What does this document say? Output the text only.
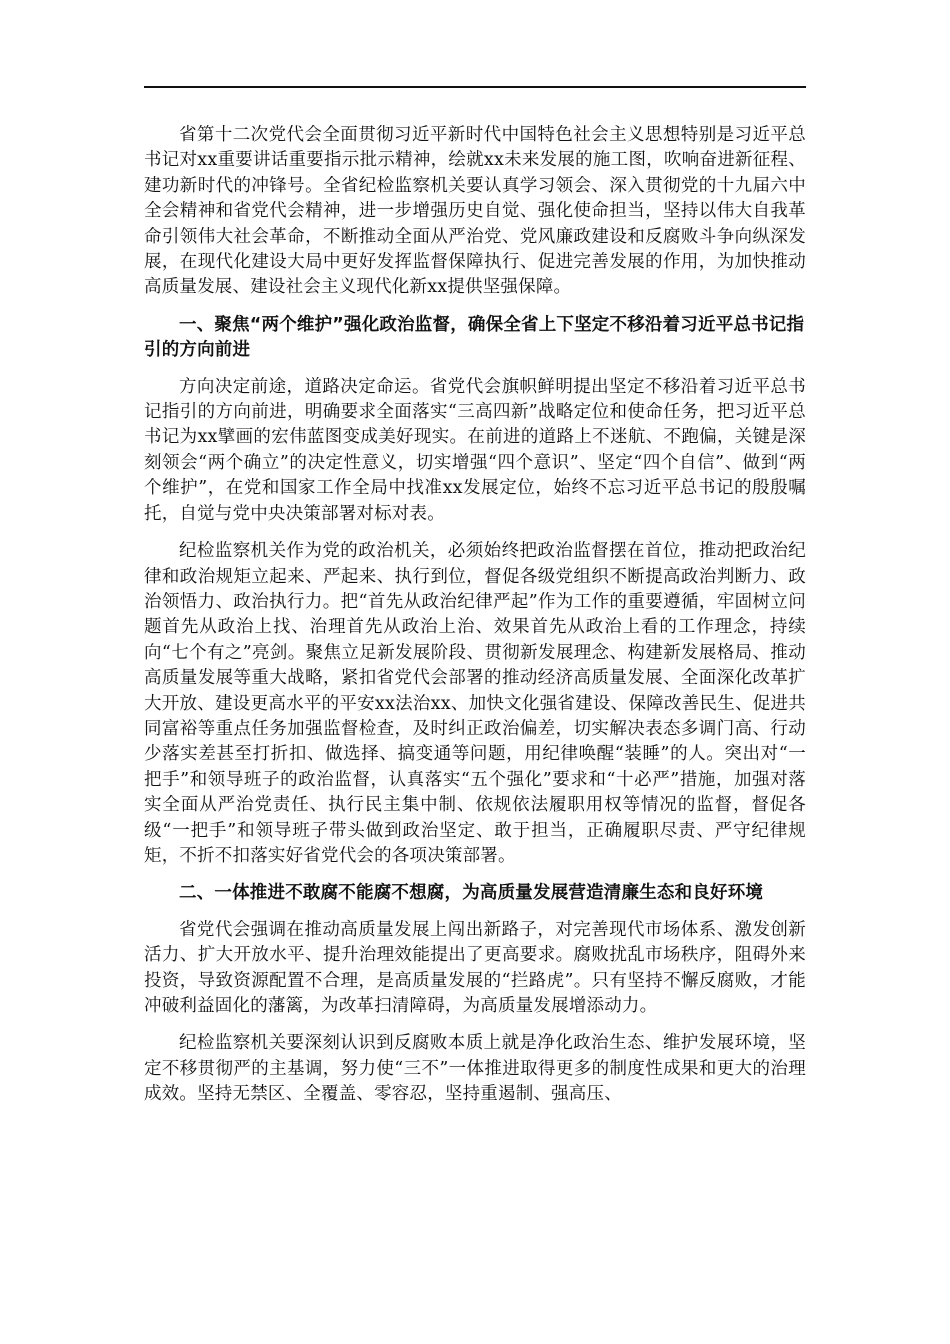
省第十二次党代会全面贯彻习近平新时代中国特色社会主义思想特别是习近平总书记对xx重要讲话重要指示批示精神，绘就xx未来发展的施工图，吹响奋进新征程、建功新时代的冲锋号。全省纪检监察机关要认真学习领会、深入贯彻党的十九届六中全会精神和省党代会精神，进一步增强历史自觉、强化使命担当，坚持以伟大自我革命引领伟大社会革命，不断推动全面从严治党、党风廉政建设和反腐败斗争向纵深发展，在现代化建设大局中更好发挥监督保障执行、促进完善发展的作用，为加快推动高质量发展、建设社会主义现代化新xx提供坚强保障。

一、聚焦“两个维护”强化政治监督，确保全省上下坚定不移沿着习近平总书记指引的方向前进

方向决定前途，道路决定命运。省党代会旗帜鲜明提出坚定不移沿着习近平总书记指引的方向前进，明确要求全面落实“三高四新”战略定位和使命任务，把习近平总书记为xx擘画的宏伟蓝图变成美好现实。在前进的道路上不迷航、不跑偏，关键是深刻领会“两个确立”的决定性意义，切实增强“四个意识”、坚定“四个自信”、做到“两个维护”，在党和国家工作全局中找准xx发展定位，始终不忘习近平总书记的殷殷嘱托，自觉与党中央决策部署对标对表。

纪检监察机关作为党的政治机关，必须始终把政治监督摆在首位，推动把政治纪律和政治规矩立起来、严起来、执行到位，督促各级党组织不断提高政治判断力、政治领悟力、政治执行力。把“首先从政治纪律严起”作为工作的重要遵循，牢固树立问题首先从政治上找、治理首先从政治上治、效果首先从政治上看的工作理念，持续向“七个有之”亮剑。聚焦立足新发展阶段、贯彻新发展理念、构建新发展格局、推动高质量发展等重大战略，紧扣省党代会部署的推动经济高质量发展、全面深化改革扩大开放、建设更高水平的平安xx法治xx、加快文化强省建设、保障改善民生、促进共同富裕等重点任务加强监督检查，及时纠正政治偏差，切实解决表态多调门高、行动少落实差甚至打折扣、做选择、搞变通等问题，用纪律唤醒“装睡”的人。突出对“一把手”和领导班子的政治监督，认真落实“五个强化”要求和“十必严”措施，加强对落实全面从严治党责任、执行民主集中制、依规依法履职用权等情况的监督，督促各级“一把手”和领导班子带头做到政治坚定、敢于担当，正确履职尽责、严守纪律规矩，不折不扣落实好省党代会的各项决策部署。

二、一体推进不敢腐不能腐不想腐，为高质量发展营造清廉生态和良好环境

省党代会强调在推动高质量发展上闯出新路子，对完善现代市场体系、激发创新活力、扩大开放水平、提升治理效能提出了更高要求。腐败扰乱市场秩序，阻碍外来投资，导致资源配置不合理，是高质量发展的“拦路虎”。只有坚持不懈反腐败，才能冲破利益固化的藩篱，为改革扫清障碍，为高质量发展增添动力。

纪检监察机关要深刻认识到反腐败本质上就是净化政治生态、维护发展环境，坚定不移贯彻严的主基调，努力使“三不”一体推进取得更多的制度性成果和更大的治理成效。坚持无禁区、全覆盖、零容忍，坚持重遏制、强高压、
